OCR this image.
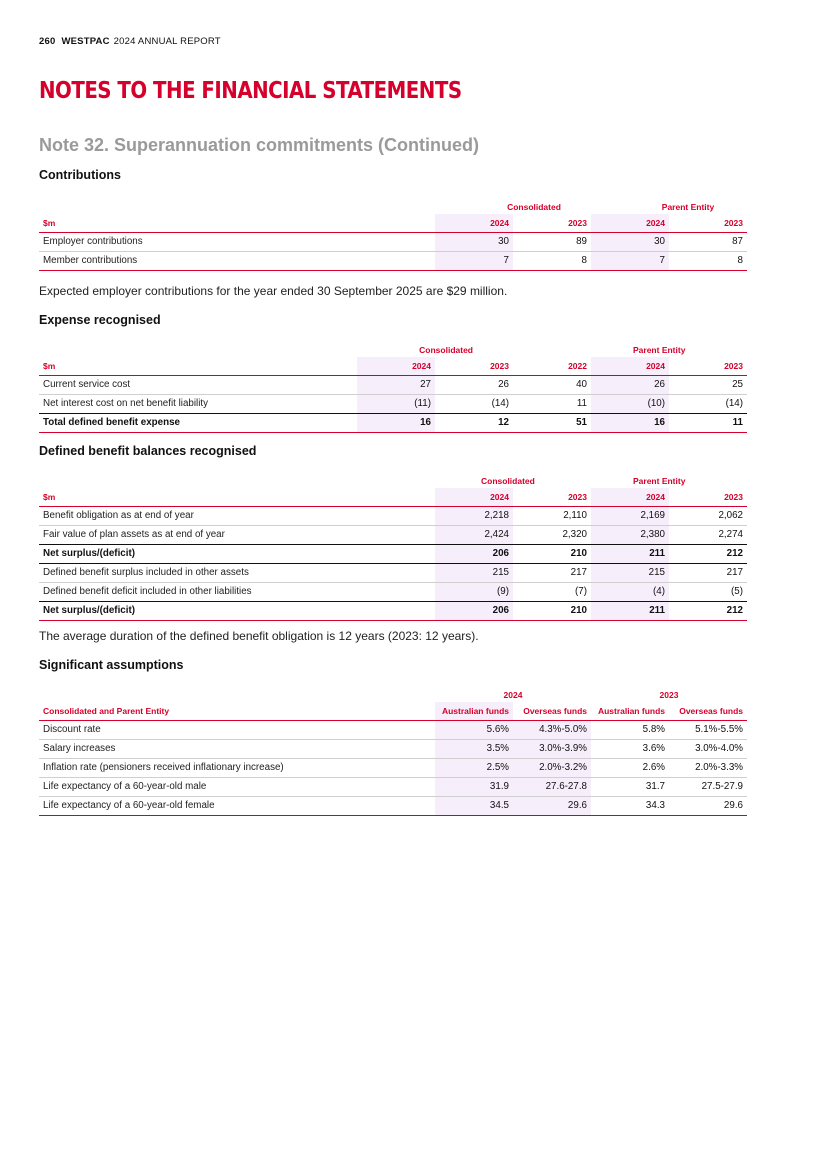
260 WESTPAC 2024 ANNUAL REPORT
NOTES TO THE FINANCIAL STATEMENTS
Note 32. Superannuation commitments (Continued)
Contributions
	Consolidated		Parent Entity	
$m	2024	2023	2024	2023
Employer contributions	30	89	30	87
Member contributions	7	8	7	8
Expected employer contributions for the year ended 30 September 2025 are $29 million.
Expense recognised
	Consolidated			Parent Entity	
$m	2024	2023	2022	2024	2023
Current service cost	27	26	40	26	25
Net interest cost on net benefit liability	(11)	(14)	11	(10)	(14)
Total defined benefit expense	16	12	51	16	11
Defined benefit balances recognised
	Consolidated		Parent Entity	
$m	2024	2023	2024	2023
Benefit obligation as at end of year	2,218	2,110	2,169	2,062
Fair value of plan assets as at end of year	2,424	2,320	2,380	2,274
Net surplus/(deficit)	206	210	211	212
Defined benefit surplus included in other assets	215	217	215	217
Defined benefit deficit included in other liabilities	(9)	(7)	(4)	(5)
Net surplus/(deficit)	206	210	211	212
The average duration of the defined benefit obligation is 12 years (2023: 12 years).
Significant assumptions
	2024		2023	
Consolidated and Parent Entity	Australian funds	Overseas funds	Australian funds	Overseas funds
Discount rate	5.6%	4.3%-5.0%	5.8%	5.1%-5.5%
Salary increases	3.5%	3.0%-3.9%	3.6%	3.0%-4.0%
Inflation rate (pensioners received inflationary increase)	2.5%	2.0%-3.2%	2.6%	2.0%-3.3%
Life expectancy of a 60-year-old male	31.9	27.6-27.8	31.7	27.5-27.9
Life expectancy of a 60-year-old female	34.5	29.6	34.3	29.6
